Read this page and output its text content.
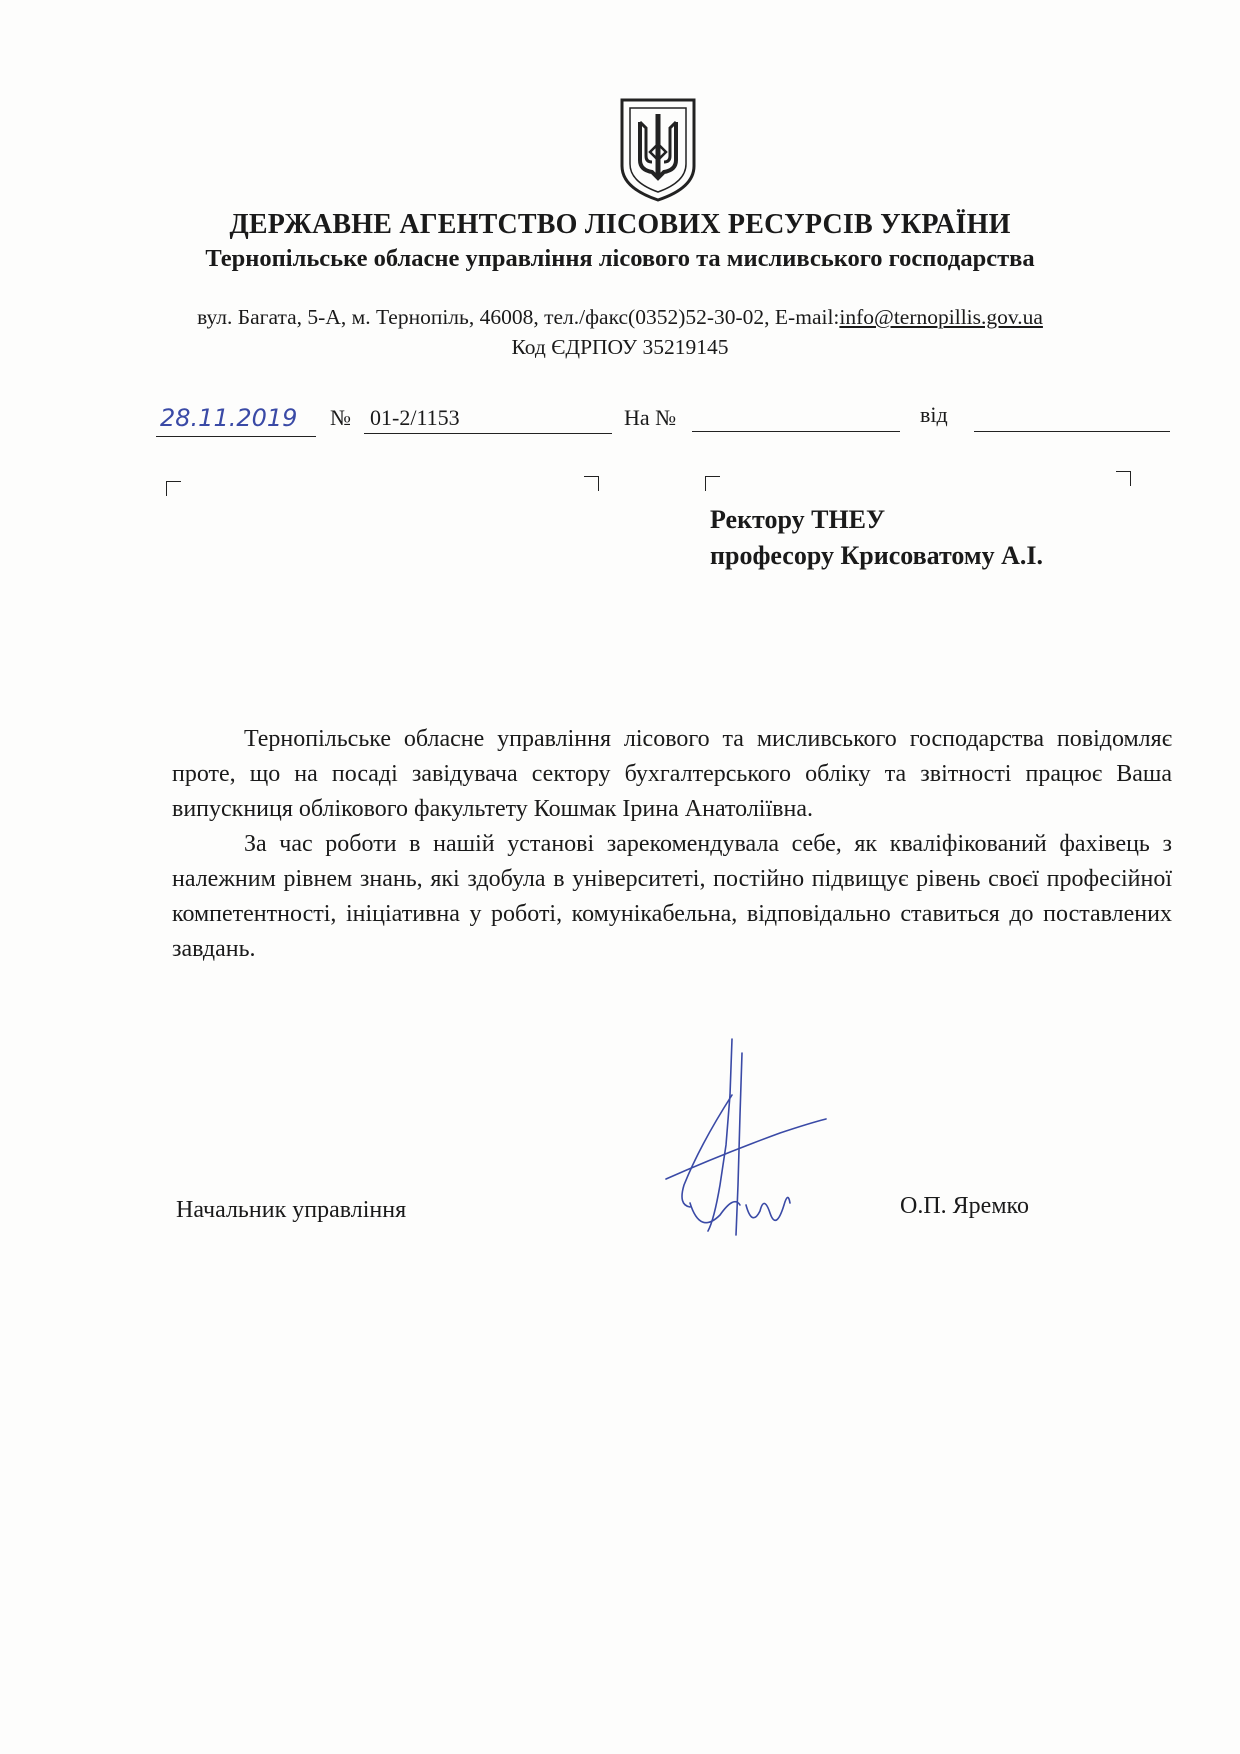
ДЕРЖАВНЕ АГЕНТСТВО ЛІСОВИХ РЕСУРСІВ УКРАЇНИ
Тернопільське обласне управління лісового та мисливського господарства
вул. Багата, 5-А, м. Тернопіль, 46008, тел./факс(0352)52-30-02, E-mail:info@ternopillis.gov.ua
Код ЄДРПОУ 35219145
28.11.2019 № 01-2/1153	На №	від
Ректору ТНЕУ
професору Крисоватому А.І.

Тернопільське обласне управління лісового та мисливського господарства повідомляє проте, що на посаді завідувача сектору бухгалтерського обліку та звітності працює Ваша випускниця облікового факультету Кошмак Ірина Анатоліївна.

За час роботи в нашій установі зарекомендувала себе, як кваліфікований фахівець з належним рівнем знань, які здобула в університеті, постійно підвищує рівень своєї професійної компетентності, ініціативна у роботі, комунікабельна, відповідально ставиться до поставлених завдань.

Начальник управління	О.П. Яремко
